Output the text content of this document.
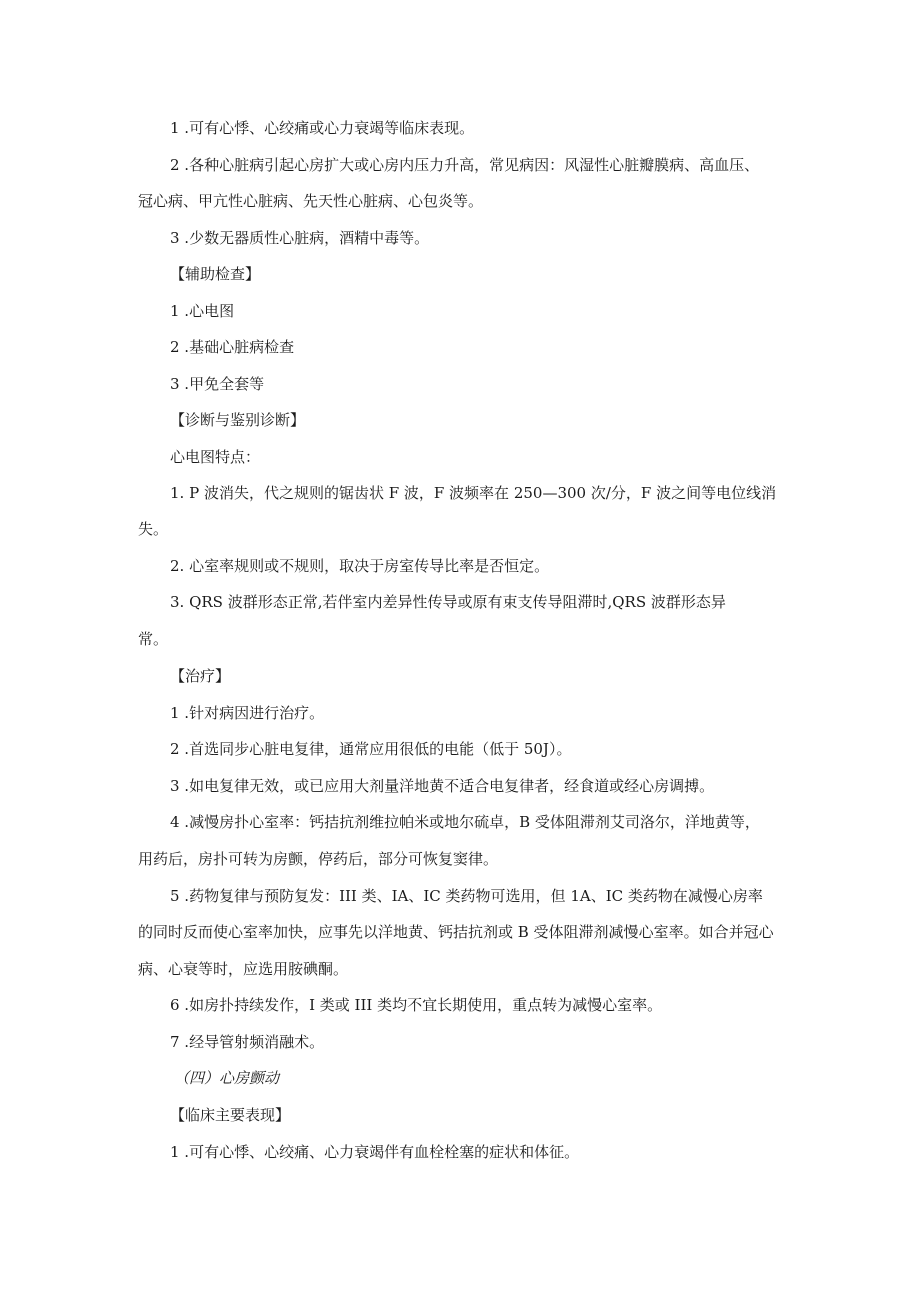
1 .可有心悸、心绞痛或心力衰竭等临床表现。

2 .各种心脏病引起心房扩大或心房内压力升高，常见病因：风湿性心脏瓣膜病、高血压、

冠心病、甲亢性心脏病、先天性心脏病、心包炎等。

3 .少数无器质性心脏病，酒精中毒等。

【辅助检查】

1 .心电图

2 .基础心脏病检查

3 .甲免全套等

【诊断与鉴别诊断】

心电图特点：

1. P 波消失，代之规则的锯齿状 F 波，F 波频率在 250—300 次/分，F 波之间等电位线消

失。

2. 心室率规则或不规则，取决于房室传导比率是否恒定。

3. QRS 波群形态正常,若伴室内差异性传导或原有束支传导阻滞时,QRS 波群形态异

常。

【治疗】

1 .针对病因进行治疗。

2 .首选同步心脏电复律，通常应用很低的电能（低于 50J）。

3 .如电复律无效，或已应用大剂量洋地黄不适合电复律者，经食道或经心房调搏。

4 .减慢房扑心室率：钙拮抗剂维拉帕米或地尔硫卓，B 受体阻滞剂艾司洛尔，洋地黄等，

用药后，房扑可转为房颤，停药后，部分可恢复窦律。

5 .药物复律与预防复发：III 类、IA、IC 类药物可选用，但 1A、IC 类药物在减慢心房率

的同时反而使心室率加快，应事先以洋地黄、钙拮抗剂或 B 受体阻滞剂减慢心室率。如合并冠心

病、心衰等时，应选用胺碘酮。

6 .如房扑持续发作，I 类或 III 类均不宜长期使用，重点转为减慢心室率。

7 .经导管射频消融术。

（四）心房颤动

【临床主要表现】

1 .可有心悸、心绞痛、心力衰竭伴有血栓栓塞的症状和体征。
